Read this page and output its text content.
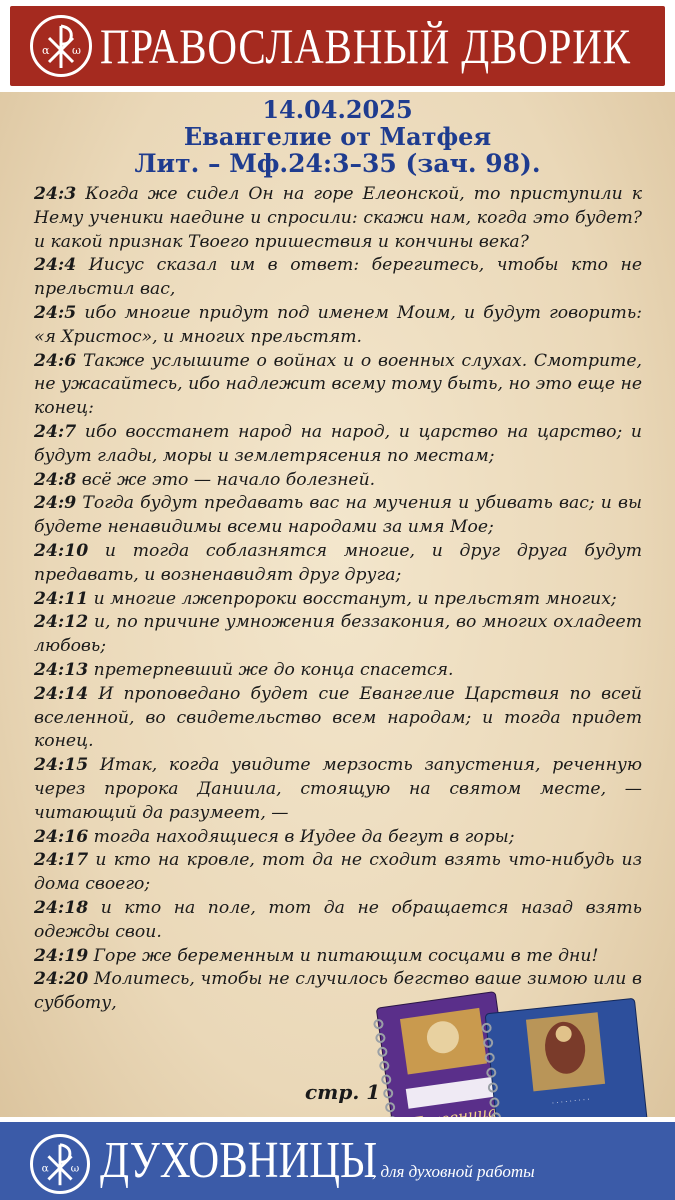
α ω ПРАВОСЛАВНЫЙ ДВОРИК
14.04.2025
Евангелие от Матфея
Лит. – Мф.24:3–35 (зач. 98).
24:3 Когда же сидел Он на горе Елеонской, то приступили к Нему ученики наедине и спросили: скажи нам, когда это будет? и какой признак Твоего пришествия и кончины века?
24:4 Иисус сказал им в ответ: берегитесь, чтобы кто не прельстил вас,
24:5 ибо многие придут под именем Моим, и будут говорить: «я Христос», и многих прельстят.
24:6 Также услышите о войнах и о военных слухах. Смотрите, не ужасайтесь, ибо надлежит всему тому быть, но это еще не конец:
24:7 ибо восстанет народ на народ, и царство на царство; и будут глады, моры и землетрясения по местам;
24:8 всё же это — начало болезней.
24:9 Тогда будут предавать вас на мучения и убивать вас; и вы будете ненавидимы всеми народами за имя Мое;
24:10 и тогда соблазнятся многие, и друг друга будут предавать, и возненавидят друг друга;
24:11 и многие лжепророки восстанут, и прельстят многих;
24:12 и, по причине умножения беззакония, во многих охладеет любовь;
24:13 претерпевший же до конца спасется.
24:14 И проповедано будет сие Евангелие Царствия по всей вселенной, во свидетельство всем народам; и тогда придет конец.
24:15 Итак, когда увидите мерзость запустения, реченную через пророка Даниила, стоящую на святом месте, — читающий да разумеет, —
24:16 тогда находящиеся в Иудее да бегут в горы;
24:17 и кто на кровле, тот да не сходит взять что-нибудь из дома своего;
24:18 и кто на поле, тот да не обращается назад взять одежды свои.
24:19 Горе же беременным и питающим сосцами в те дни!
24:20 Молитесь, чтобы не случилось бегство ваше зимою или в субботу,
. . . . . . . . .
стр. 1
α ω ДУХОВНИЦЫ
, для духовной работы
